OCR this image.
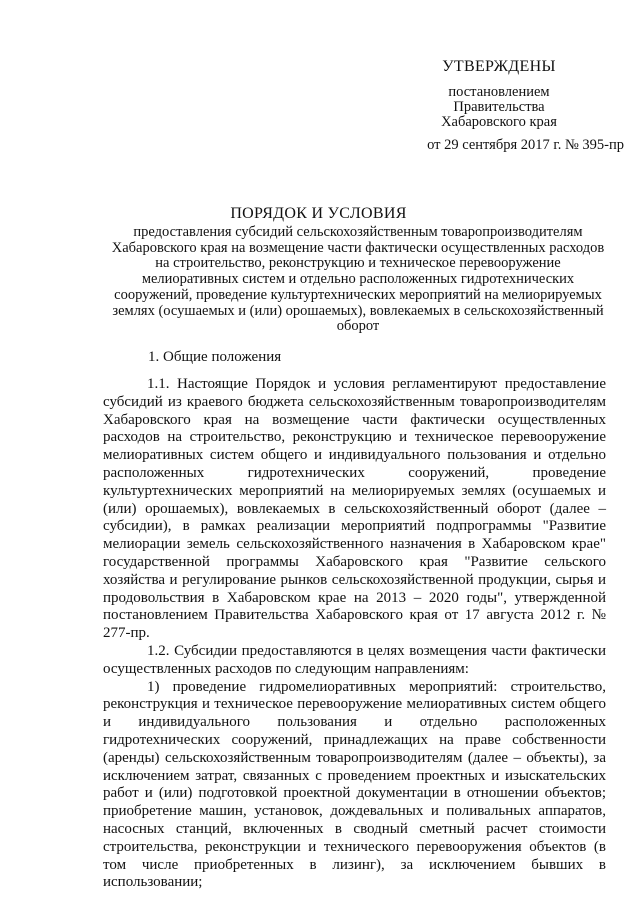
УТВЕРЖДЕНЫ
постановлением
Правительства
Хабаровского края
от 29 сентября 2017 г. № 395-пр
ПОРЯДОК И УСЛОВИЯ
предоставления субсидий сельскохозяйственным товаропроизводителям Хабаровского края на возмещение части фактически осуществленных расходов на строительство, реконструкцию и техническое перевооружение мелиоративных систем и отдельно расположенных гидротехнических сооружений, проведение культуртехнических мероприятий на мелиорируемых землях (осушаемых и (или) орошаемых), вовлекаемых в сельскохозяйственный оборот
1. Общие положения

1.1. Настоящие Порядок и условия регламентируют предоставление субсидий из краевого бюджета сельскохозяйственным товаропроизводителям Хабаровского края на возмещение части фактически осуществленных расходов на строительство, реконструкцию и техническое перевооружение мелиоративных систем общего и индивидуального пользования и отдельно расположенных гидротехнических сооружений, проведение культуртехнических мероприятий на мелиорируемых землях (осушаемых и (или) орошаемых), вовлекаемых в сельскохозяйственный оборот (далее – субсидии), в рамках реализации мероприятий подпрограммы "Развитие мелиорации земель сельскохозяйственного назначения в Хабаровском крае" государственной программы Хабаровского края "Развитие сельского хозяйства и регулирование рынков сельскохозяйственной продукции, сырья и продовольствия в Хабаровском крае на 2013 – 2020 годы", утвержденной постановлением Правительства Хабаровского края от 17 августа 2012 г. № 277-пр.

1.2. Субсидии предоставляются в целях возмещения части фактически осуществленных расходов по следующим направлениям:

1) проведение гидромелиоративных мероприятий: строительство, реконструкция и техническое перевооружение мелиоративных систем общего и индивидуального пользования и отдельно расположенных гидротехнических сооружений, принадлежащих на праве собственности (аренды) сельскохозяйственным товаропроизводителям (далее – объекты), за исключением затрат, связанных с проведением проектных и изыскательских работ и (или) подготовкой проектной документации в отношении объектов; приобретение машин, установок, дождевальных и поливальных аппаратов, насосных станций, включенных в сводный сметный расчет стоимости строительства, реконструкции и технического перевооружения объектов (в том числе приобретенных в лизинг), за исключением бывших в использовании;
